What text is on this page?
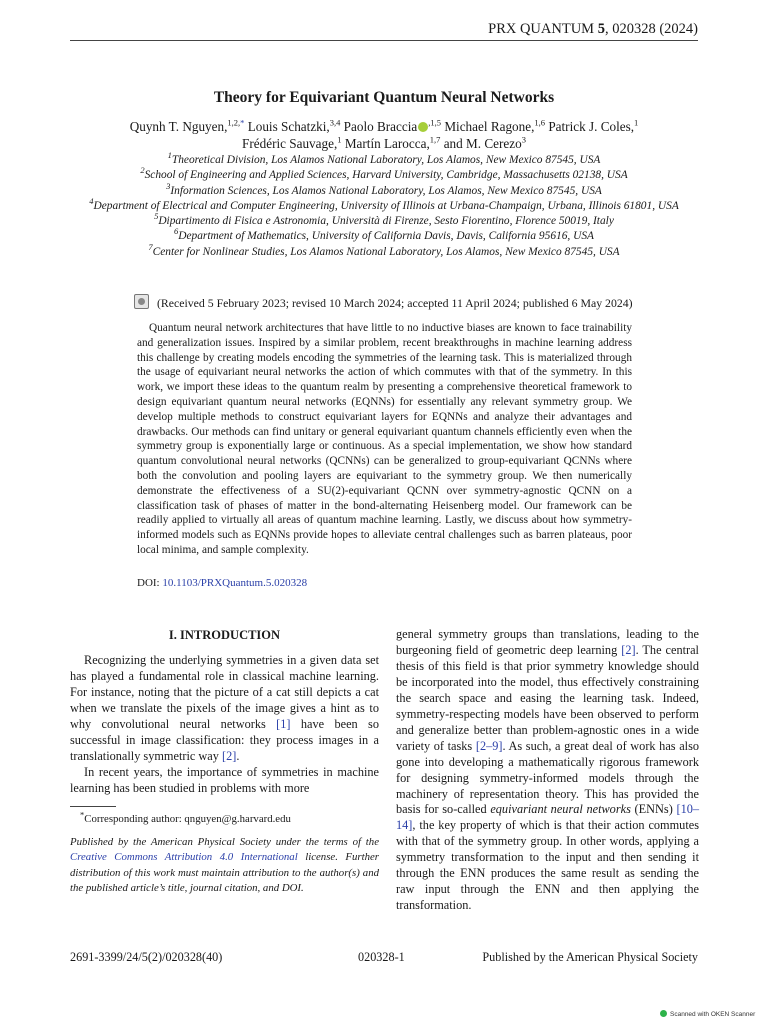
PRX QUANTUM 5, 020328 (2024)
Theory for Equivariant Quantum Neural Networks
Quynh T. Nguyen,$^{1,2,*}$ Louis Schatzki,$^{3,4}$ Paolo Braccia $^{,1,5}$ Michael Ragone,$^{1,6}$ Patrick J. Coles,$^1$
Frédéric Sauvage,$^1$ Martín Larocca,$^{1,7}$ and M. Cerezo$^3$
$^1$Theoretical Division, Los Alamos National Laboratory, Los Alamos, New Mexico 87545, USA
$^2$School of Engineering and Applied Sciences, Harvard University, Cambridge, Massachusetts 02138, USA
$^3$Information Sciences, Los Alamos National Laboratory, Los Alamos, New Mexico 87545, USA
$^4$Department of Electrical and Computer Engineering, University of Illinois at Urbana-Champaign, Urbana, Illinois 61801, USA
$^5$Dipartimento di Fisica e Astronomia, Università di Firenze, Sesto Fiorentino, Florence 50019, Italy
$^6$Department of Mathematics, University of California Davis, Davis, California 95616, USA
$^7$Center for Nonlinear Studies, Los Alamos National Laboratory, Los Alamos, New Mexico 87545, USA
(Received 5 February 2023; revised 10 March 2024; accepted 11 April 2024; published 6 May 2024)
Quantum neural network architectures that have little to no inductive biases are known to face trainability and generalization issues. Inspired by a similar problem, recent breakthroughs in machine learning address this challenge by creating models encoding the symmetries of the learning task. This is materialized through the usage of equivariant neural networks the action of which commutes with that of the symmetry. In this work, we import these ideas to the quantum realm by presenting a comprehensive theoretical framework to design equivariant quantum neural networks (EQNNs) for essentially any relevant symmetry group. We develop multiple methods to construct equivariant layers for EQNNs and analyze their advantages and drawbacks. Our methods can find unitary or general equivariant quantum channels efficiently even when the symmetry group is exponentially large or continuous. As a special implementation, we show how standard quantum convolutional neural networks (QCNNs) can be generalized to group-equivariant QCNNs where both the convolution and pooling layers are equivariant to the symmetry group. We then numerically demonstrate the effectiveness of a SU(2)-equivariant QCNN over symmetry-agnostic QCNN on a classification task of phases of matter in the bond-alternating Heisenberg model. Our framework can be readily applied to virtually all areas of quantum machine learning. Lastly, we discuss about how symmetry-informed models such as EQNNs provide hopes to alleviate central challenges such as barren plateaus, poor local minima, and sample complexity.
DOI: 10.1103/PRXQuantum.5.020328
I. INTRODUCTION

Recognizing the underlying symmetries in a given data set has played a fundamental role in classical machine learning. For instance, noting that the picture of a cat still depicts a cat when we translate the pixels of the image gives a hint as to why convolutional neural networks [1] have been so successful in image classification: they process images in a translationally symmetric way [2].

In recent years, the importance of symmetries in machine learning has been studied in problems with more

*Corresponding author: qnguyen@g.harvard.edu
Published by the American Physical Society under the terms of the Creative Commons Attribution 4.0 International license. Further distribution of this work must maintain attribution to the author(s) and the published article’s title, journal citation, and DOI.

general symmetry groups than translations, leading to the burgeoning field of geometric deep learning [2]. The central thesis of this field is that prior symmetry knowledge should be incorporated into the model, thus effectively constraining the search space and easing the learning task. Indeed, symmetry-respecting models have been observed to perform and generalize better than problem-agnostic ones in a wide variety of tasks [2–9]. As such, a great deal of work has also gone into developing a mathematically rigorous framework for designing symmetry-informed models through the machinery of representation theory. This has provided the basis for so-called equivariant neural networks (ENNs) [10–14], the key property of which is that their action commutes with that of the symmetry group. In other words, applying a symmetry transformation to the input and then sending it through the ENN produces the same result as sending the raw input through the ENN and then applying the transformation.

2691-3399/24/5(2)/020328(40)	020328-1	Published by the American Physical Society
Scanned with OKEN Scanner
